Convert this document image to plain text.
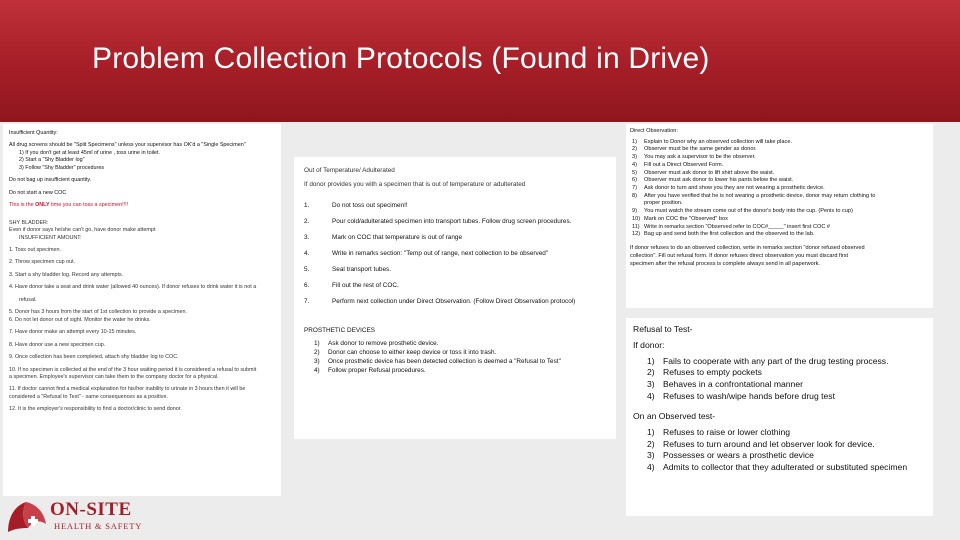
Problem Collection Protocols (Found in Drive)
Insufficient Quantity:
All drug screens should be "Split Specimens" unless your supervisor has OK'd a "Single Specimen"
1) If you don't get at least 45ml of urine , toss urine in toilet.
2) Start a "Shy Bladder log"
3) Follow "Shy Bladder" procedures
Do not bag up insufficient quantity.
Do not start a new COC
This is the ONLY time you can toss a specimen!!!!
SHY BLADDER:
Even if donor says he/she can't go, have donor make attempt
INSUFFICIENT AMOUNT:
1. Toss out specimen.
2. Throw specimen cup out.
3. Start a shy bladder log. Record any attempts.
4. Have donor take a seat and drink water (allowed 40 ounces). If donor refuses to drink water it is not a
refusal.
5. Donor has 3 hours from the start of 1st collection to provide a specimen.
6. Do not let donor out of sight. Monitor the water he drinks.
7. Have donor make an attempt every 10-15 minutes.
8. Have donor use a new specimen cup.
9. Once collection has been completed, attach shy bladder log to COC.
10. If no specimen is collected at the end of the 3 hour waiting period it is considered a refusal to submit
a specimen. Employee's supervisor can take them to the company doctor for a physical.
11. If doctor cannot find a medical explanation for his/her inability to urinate in 3 hours then it will be
considered a "Refusal to Test" - same consequences as a positive.
12. It is the employer's responsibility to find a doctor/clinic to send donor.
Out of Temperature/ Adulterated
If donor provides you with a specimen that is out of temperature or adulterated
1.	Do not toss out specimen!!
2.	Pour cold/adulterated specimen into transport tubes. Follow drug screen procedures.
3.	Mark on COC that temperature is out of range
4.	Write in remarks section: "Temp out of range, next collection to be observed"
5.	Seal transport tubes.
6.	Fill out the rest of COC.
7.	Perform next collection under Direct Observation. (Follow Direct Observation protocol)
PROSTHETIC DEVICES
1)	Ask donor to remove prosthetic device.
2)	Donor can choose to either keep device or toss it into trash.
3)	Once prosthetic device has been detected collection is deemed a "Refusal to Test"
4)	Follow proper Refusal procedures.
Direct Observation:
1)	Explain to Donor why an observed collection will take place.
2)	Observer must be the same gender as donor.
3)	You may ask a supervisor to be the observer.
4)	Fill out a Direct Observed Form.
5)	Observer must ask donor to lift shirt above the waist.
6)	Observer must ask donor to lower his pants below the waist.
7)	Ask donor to turn and show you they are not wearing a prosthetic device.
8)	After you have verified that he is not wearing a prosthetic device, donor may return clothing to
proper position.
9)	You must watch the stream come out of the donor's body into the cup. (Penis to cup)
10) Mark on COC the "Observed" box
11) Write in remarks section "Observed refer to COC#_____" insert first COC #
12) Bag up and send both the first collection and the observed to the lab.
If donor refuses to do an observed collection, write in remarks section "donor refused observed
collection". Fill out refusal form. If donor refuses direct observation you must discard first
specimen after the refusal process is complete always send in all paperwork.
Refusal to Test-
If donor:
1) Fails to cooperate with any part of the drug testing process.
2) Refuses to empty pockets
3) Behaves in a confrontational manner
4) Refuses to wash/wipe hands before drug test
On an Observed test-
1) Refuses to raise or lower clothing
2) Refuses to turn around and let observer look for device.
3) Possesses or wears a prosthetic device
4) Admits to collector that they adulterated or substituted specimen
ON-SITE
HEALTH & SAFETY
